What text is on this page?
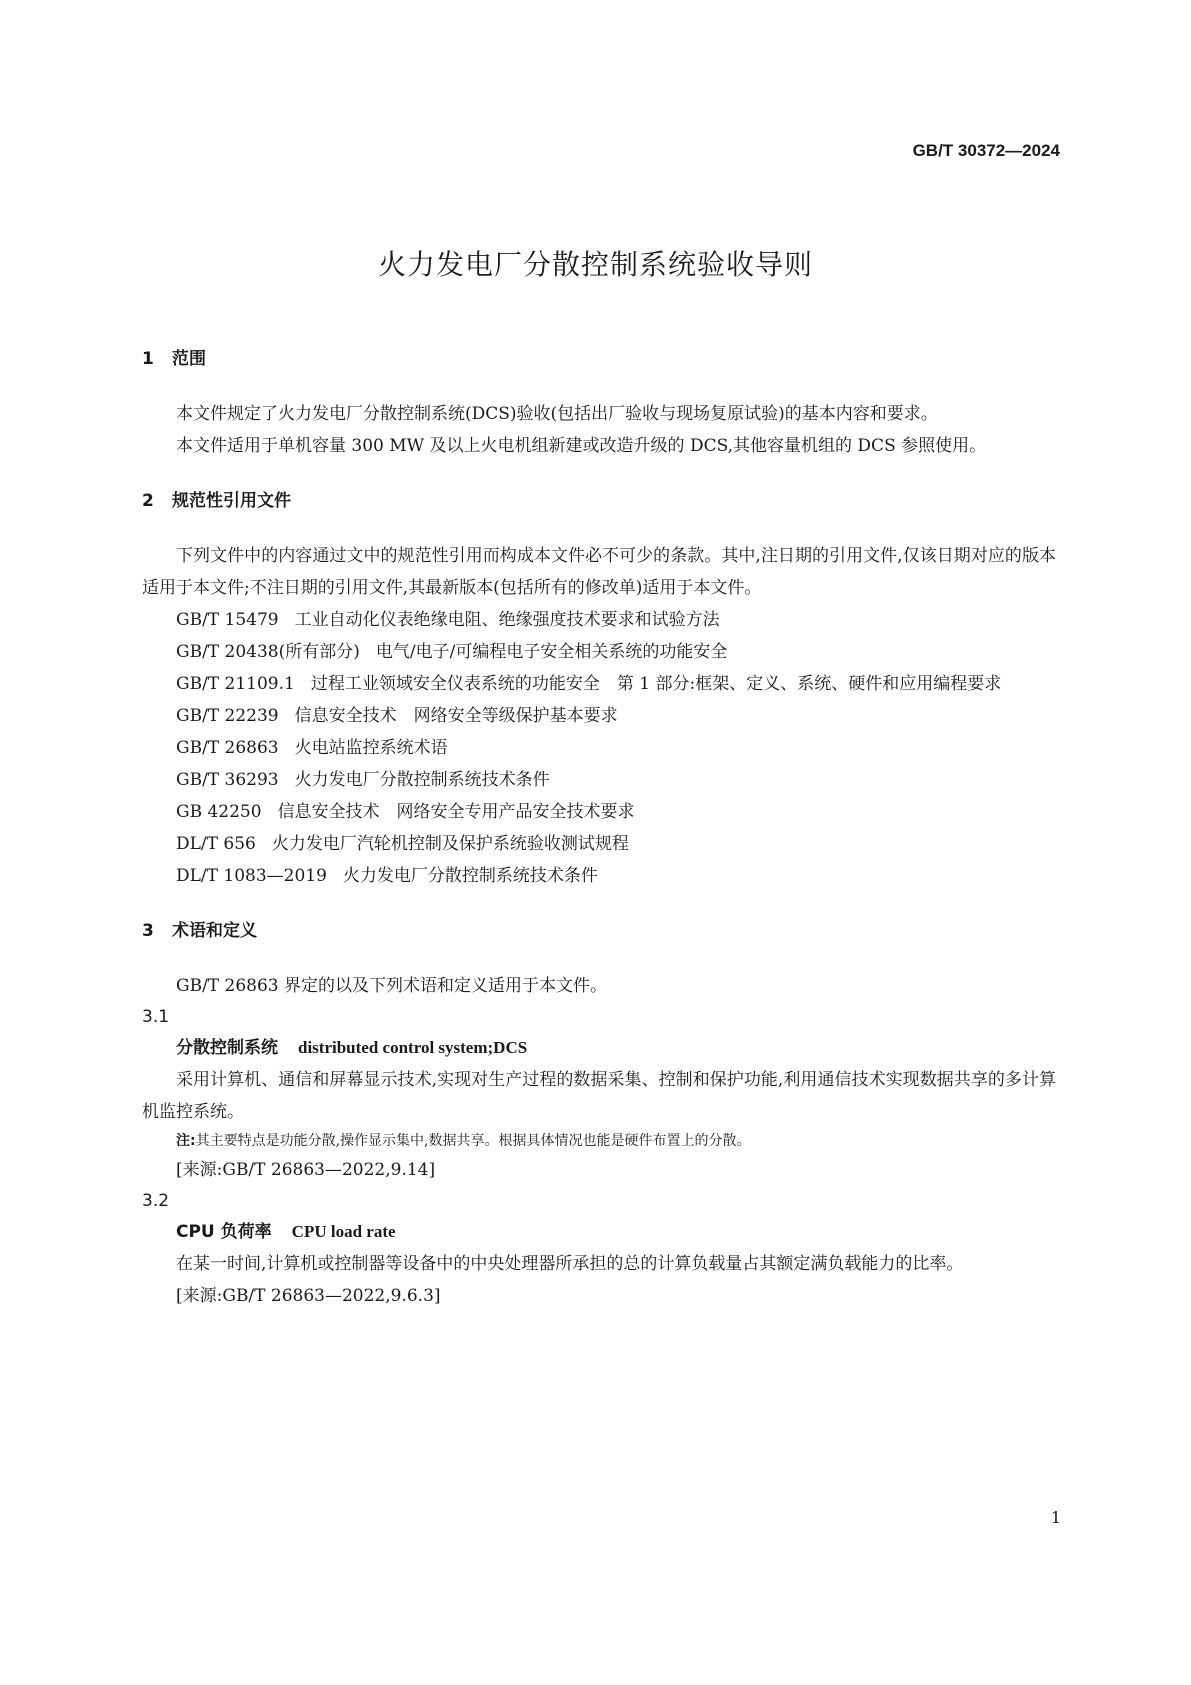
GB/T 30372—2024
火力发电厂分散控制系统验收导则
1 范围

本文件规定了火力发电厂分散控制系统(DCS)验收(包括出厂验收与现场复原试验)的基本内容和要求。

本文件适用于单机容量 300 MW 及以上火电机组新建或改造升级的 DCS,其他容量机组的 DCS 参照使用。

2 规范性引用文件

下列文件中的内容通过文中的规范性引用而构成本文件必不可少的条款。其中,注日期的引用文件,仅该日期对应的版本适用于本文件;不注日期的引用文件,其最新版本(包括所有的修改单)适用于本文件。

GB/T 15479 工业自动化仪表绝缘电阻、绝缘强度技术要求和试验方法

GB/T 20438(所有部分) 电气/电子/可编程电子安全相关系统的功能安全

GB/T 21109.1 过程工业领域安全仪表系统的功能安全　第 1 部分:框架、定义、系统、硬件和应用编程要求

GB/T 22239 信息安全技术　网络安全等级保护基本要求

GB/T 26863 火电站监控系统术语

GB/T 36293 火力发电厂分散控制系统技术条件

GB 42250 信息安全技术　网络安全专用产品安全技术要求

DL/T 656 火力发电厂汽轮机控制及保护系统验收测试规程

DL/T 1083—2019 火力发电厂分散控制系统技术条件

3 术语和定义

GB/T 26863 界定的以及下列术语和定义适用于本文件。

3.1
分散控制系统 distributed control system;DCS

采用计算机、通信和屏幕显示技术,实现对生产过程的数据采集、控制和保护功能,利用通信技术实现数据共享的多计算机监控系统。

注:其主要特点是功能分散,操作显示集中,数据共享。根据具体情况也能是硬件布置上的分散。
[来源:GB/T 26863—2022,9.14]
3.2
CPU 负荷率 CPU load rate

在某一时间,计算机或控制器等设备中的中央处理器所承担的总的计算负载量占其额定满负载能力的比率。

[来源:GB/T 26863—2022,9.6.3]
1
